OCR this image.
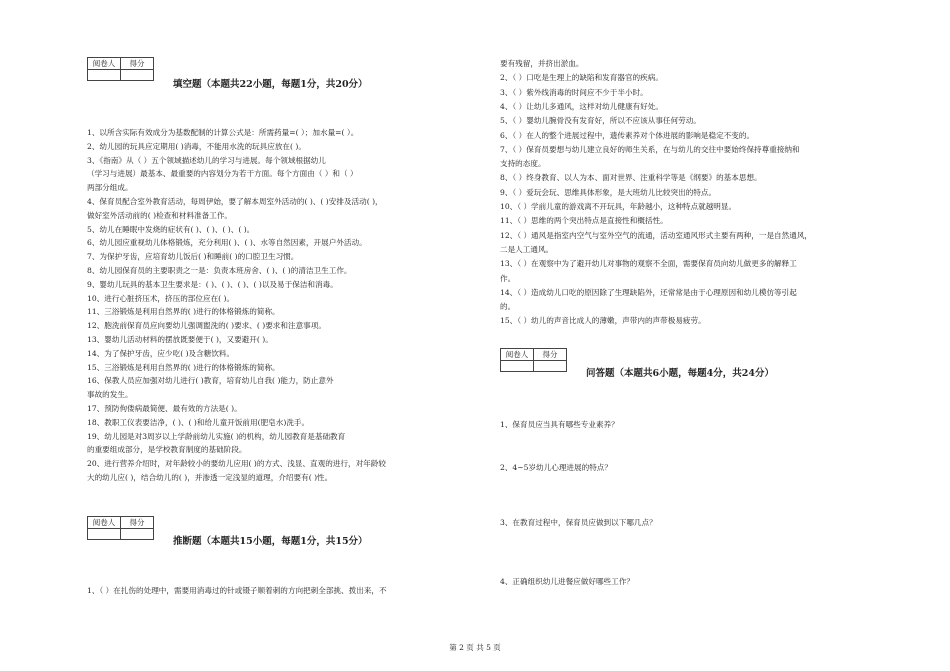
阅卷人	得分

填空题（本题共22小题，每题1分，共20分）
1、以所含实际有效成分为基数配制的计算公式是：所需药量=( ）；加水量=( ）。
2、幼儿园的玩具应定期用( )消毒，不能用水洗的玩具应放在( )。
3、《指南》从（ ）五个领域描述幼儿的学习与进展。每个领域根据幼儿
（学习与进展）最基本、最重要的内容划分为若干方面。每个方面由（ ）和（ ）
两部分组成。
4、保育员配合室外教育活动，每周伊始，要了解本周室外活动的( )、( )安排及活动( )，
做好室外活动前的( )检查和材料准备工作。
5、幼儿在睡眠中发烧的症状有( )、( )、( )、( )。
6、幼儿园应重视幼儿体格锻炼，充分利用( )、( )、水等自然因素，开展户外活动。
7、为保护牙齿，应培育幼儿饭后( )和睡前( )的口腔卫生习惯。
8、幼儿园保育员的主要职责之一是：负责本班房舍、( )、( )的清洁卫生工作。
9、婴幼儿玩具的基本卫生要求是：( )、( )、( )、( )以及易于保洁和消毒。
10、进行心脏挤压术，挤压的部位应在( )。
11、三浴锻炼是利用自然界的( )进行的体格锻炼的简称。
12、胞洗前保育员应向要幼儿强调盥洗的( )要求、( )要求和注意事项。
13、婴幼儿活动材料的摆放既要便于( )，又要避开( )。
14、为了保护牙齿，应少吃( )及含糖饮料。
15、三浴锻炼是利用自然界的( )进行的体格锻炼的简称。
16、保教人员应加强对幼儿进行( )教育，培育幼儿自我( )能力，防止意外
事故的发生。
17、预防佝偻病最简便、最有效的方法是( )。
18、教职工仪表要洁净，( )、( )和给儿童开饭前用(肥皂水)洗手。
19、幼儿园是对3周岁以上学龄前幼儿实施( )的机构，幼儿园教育是基础教育
的重要组成部分，是学校教育制度的基础阶段。
20、进行营养介绍时，对年龄较小的要幼儿应用( )的方式、浅显、直观的进行，对年龄较
大的幼儿应( )，结合幼儿的( )，并渗透一定浅显的道理，介绍要有( )性。
阅卷人	得分

推断题（本题共15小题，每题1分，共15分）
1、（ ）在扎伤的处理中，需要用消毒过的针或镊子顺着刺的方向把刺全部挑、拨出来，不
要有残留，并挤出淤血。
2、（ ）口吃是生理上的缺陷和发育器官的疾病。
3、（ ）紫外线消毒的时间应不少于半小时。
4、（ ）让幼儿多通风，这样对幼儿健康有好处。
5、（ ）婴幼儿腕骨没有发育好，所以不应该从事任何劳动。
6、（ ）在人的整个进展过程中，遗传素养对个体进展的影响是稳定不变的。
7、（ ）保育员要想与幼儿建立良好的师生关系，在与幼儿的交往中要始终保持尊重接纳和
支持的态度。
8、（ ）终身教育、以人为本、面对世界、注重科学等是《纲要》的基本思想。
9、（ ）爱玩会玩、思维具体形象，是大班幼儿比较突出的特点。
10、（ ）学前儿童的游戏离不开玩具，年龄越小，这种特点就越明显。
11、（ ）思维的两个突出特点是直接性和概括性。
12、（ ）通风是指室内空气与室外空气的流通，活动室通风形式主要有两种，一是自然通风，
二是人工通风。
13、（ ）在观察中为了避开幼儿对事物的观察不全面，需要保育员向幼儿做更多的解释工
作。
14、（ ）造成幼儿口吃的原因除了生理缺陷外，还常常是由于心理原因和幼儿模仿等引起
的。
15、（ ）幼儿的声音比成人的薄嫩，声带内的声带极易疲劳。
阅卷人	得分

问答题（本题共6小题，每题4分，共24分）
1、保育员应当具有哪些专业素养？
2、4~5岁幼儿心理进展的特点？
3、在教育过程中，保育员应做到以下哪几点？
4、正确组织幼儿进餐应做好哪些工作？
第 2 页 共 5 页
